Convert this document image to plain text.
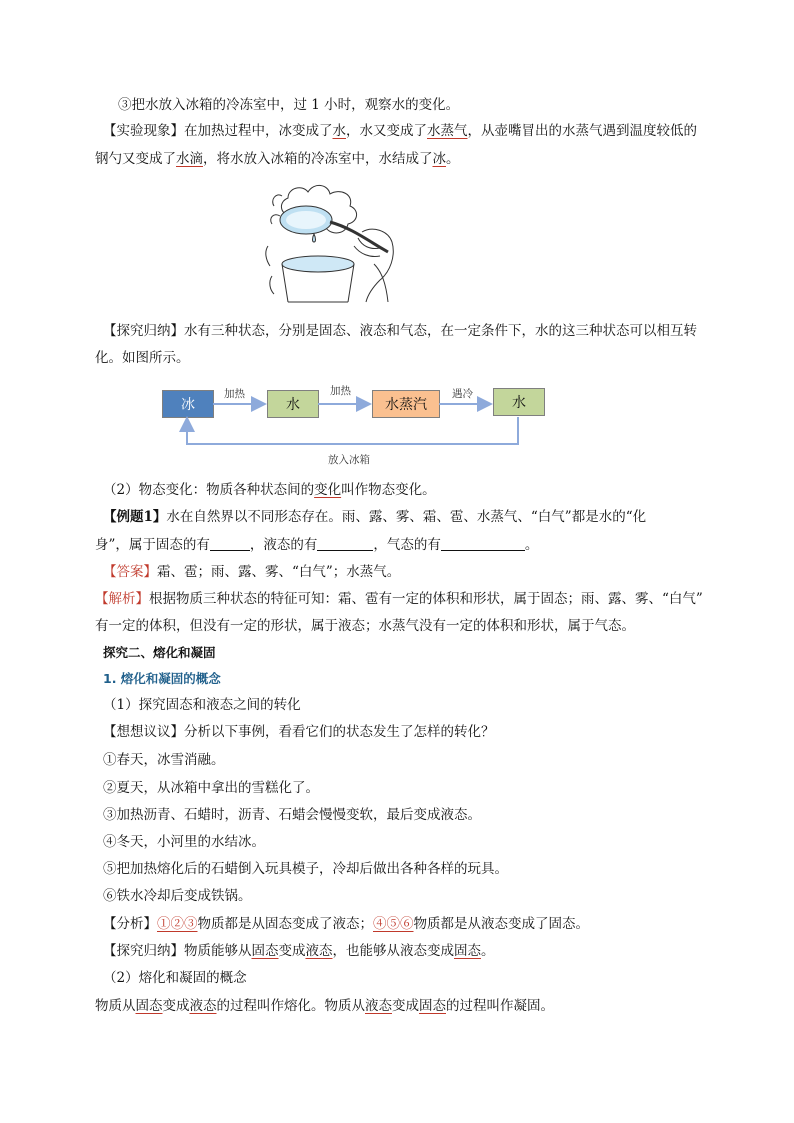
③把水放入冰箱的冷冻室中，过 1 小时，观察水的变化。
【实验现象】在加热过程中，冰变成了水，水又变成了水蒸气，从壶嘴冒出的水蒸气遇到温度较低的
钢勺又变成了水滴，将水放入冰箱的冷冻室中，水结成了冰。
【探究归纳】水有三种状态，分别是固态、液态和气态，在一定条件下，水的这三种状态可以相互转
化。如图所示。
冰	水	水蒸汽	水
加热	加热	遇冷
放入冰箱
（2）物态变化：物质各种状态间的变化叫作物态变化。
【例题1】水在自然界以不同形态存在。雨、露、雾、霜、雹、水蒸气、“白气”都是水的“化
身”，属于固态的有	，液态的有	，气态的有	。
【答案】霜、雹；雨、露、雾、“白气”；水蒸气。
【解析】根据物质三种状态的特征可知：霜、雹有一定的体积和形状，属于固态；雨、露、雾、“白气”
有一定的体积，但没有一定的形状，属于液态；水蒸气没有一定的体积和形状，属于气态。
探究二、熔化和凝固
1. 熔化和凝固的概念
（1）探究固态和液态之间的转化
【想想议议】分析以下事例，看看它们的状态发生了怎样的转化？
①春天，冰雪消融。
②夏天，从冰箱中拿出的雪糕化了。
③加热沥青、石蜡时，沥青、石蜡会慢慢变软，最后变成液态。
④冬天，小河里的水结冰。
⑤把加热熔化后的石蜡倒入玩具模子，冷却后做出各种各样的玩具。
⑥铁水冷却后变成铁锅。
【分析】①②③物质都是从固态变成了液态；④⑤⑥物质都是从液态变成了固态。
【探究归纳】物质能够从固态变成液态，也能够从液态变成固态。
（2）熔化和凝固的概念
物质从固态变成液态的过程叫作熔化。物质从液态变成固态的过程叫作凝固。
